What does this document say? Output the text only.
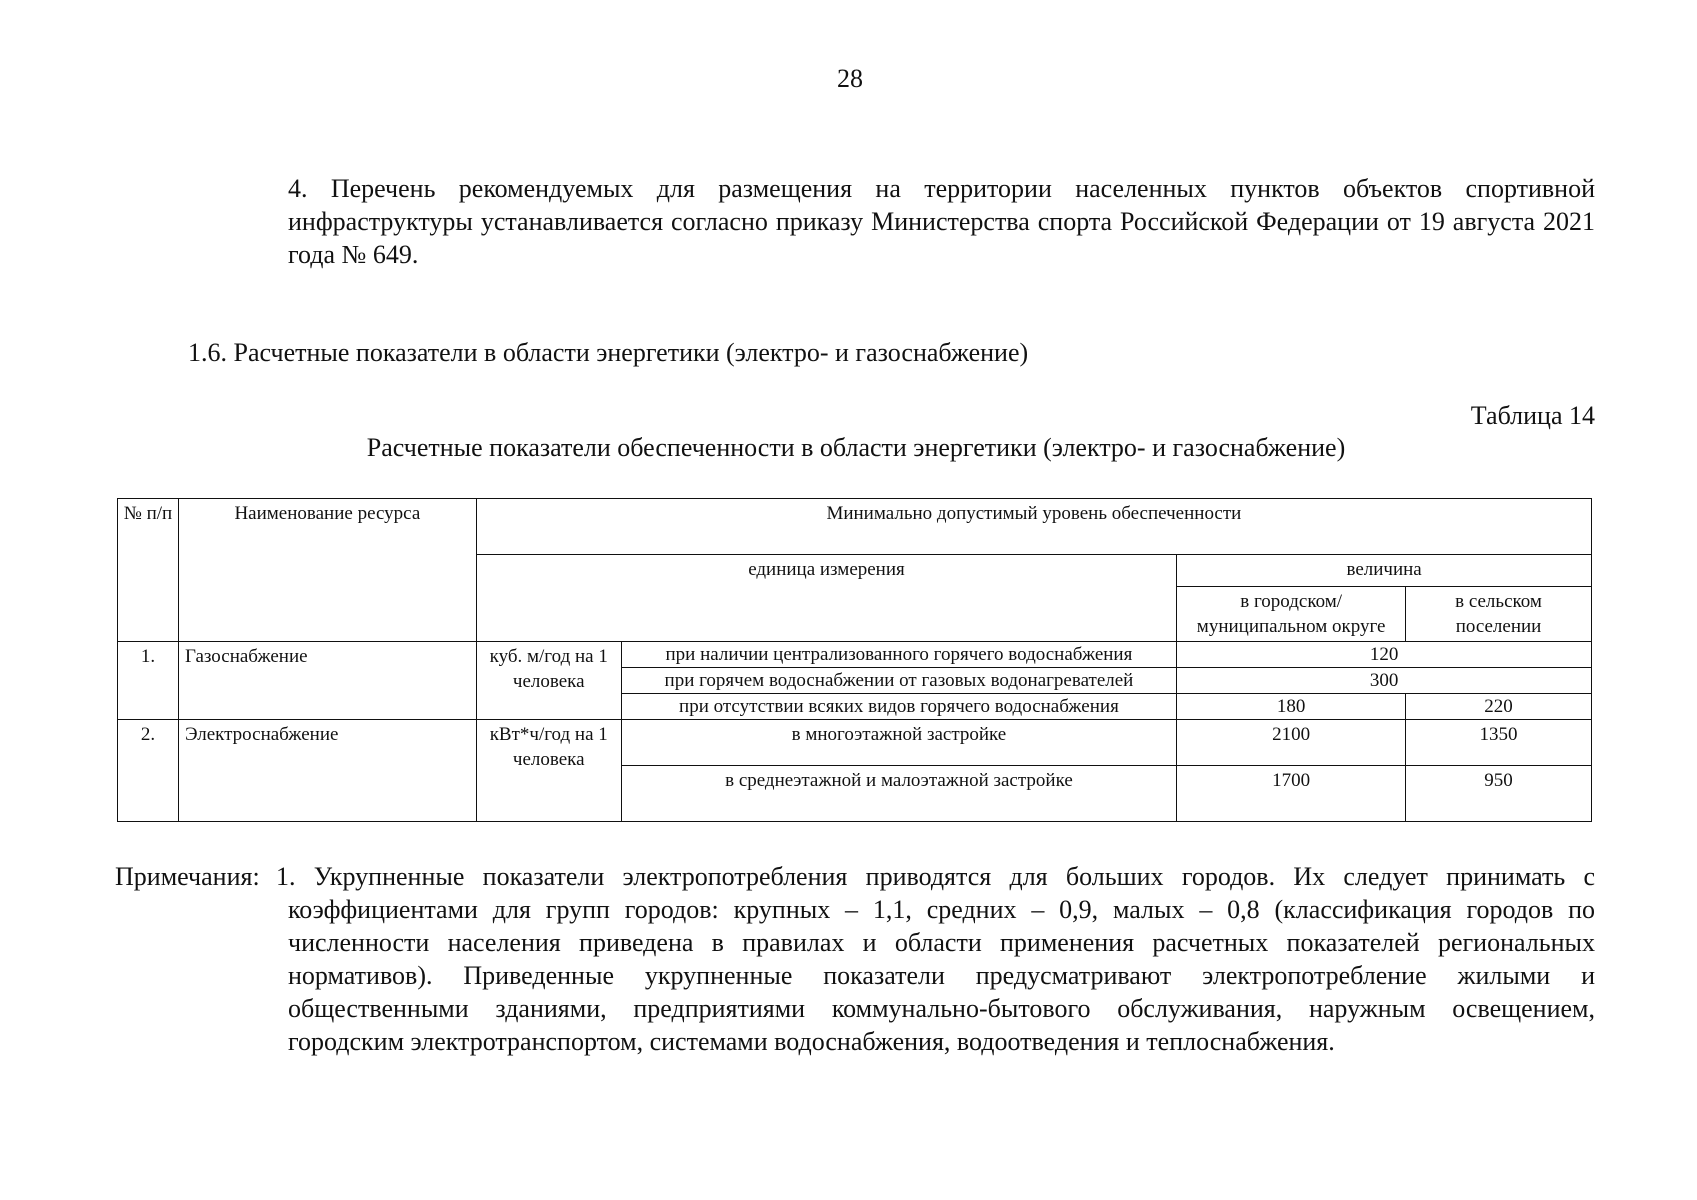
28
4. Перечень рекомендуемых для размещения на территории населенных пунктов объектов спортивной инфраструктуры устанавливается согласно приказу Министерства спорта Российской Федерации от 19 августа 2021 года № 649.
1.6. Расчетные показатели в области энергетики (электро- и газоснабжение)
Таблица 14
Расчетные показатели обеспеченности в области энергетики (электро- и газоснабжение)
№ п/п	Наименование ресурса	Минимально допустимый уровень обеспеченности			
		единица измерения		величина	
				в городском/ муниципальном округе	в сельском поселении
1.	Газоснабжение	куб. м/год на 1 человека	при наличии централизованного горячего водоснабжения	120	
			при горячем водоснабжении от газовых водонагревателей	300	
			при отсутствии всяких видов горячего водоснабжения	180	220
2.	Электроснабжение	кВт*ч/год на 1 человека	в многоэтажной застройке	2100	1350
			в среднеэтажной и малоэтажной застройке	1700	950
Примечания: 1. Укрупненные показатели электропотребления приводятся для больших городов. Их следует принимать с коэффициентами для групп городов: крупных – 1,1, средних – 0,9, малых – 0,8 (классификация городов по численности населения приведена в правилах и области применения расчетных показателей региональных нормативов). Приведенные укрупненные показатели предусматривают электропотребление жилыми и общественными зданиями, предприятиями коммунально-бытового обслуживания, наружным освещением, городским электротранспортом, системами водоснабжения, водоотведения и теплоснабжения.
